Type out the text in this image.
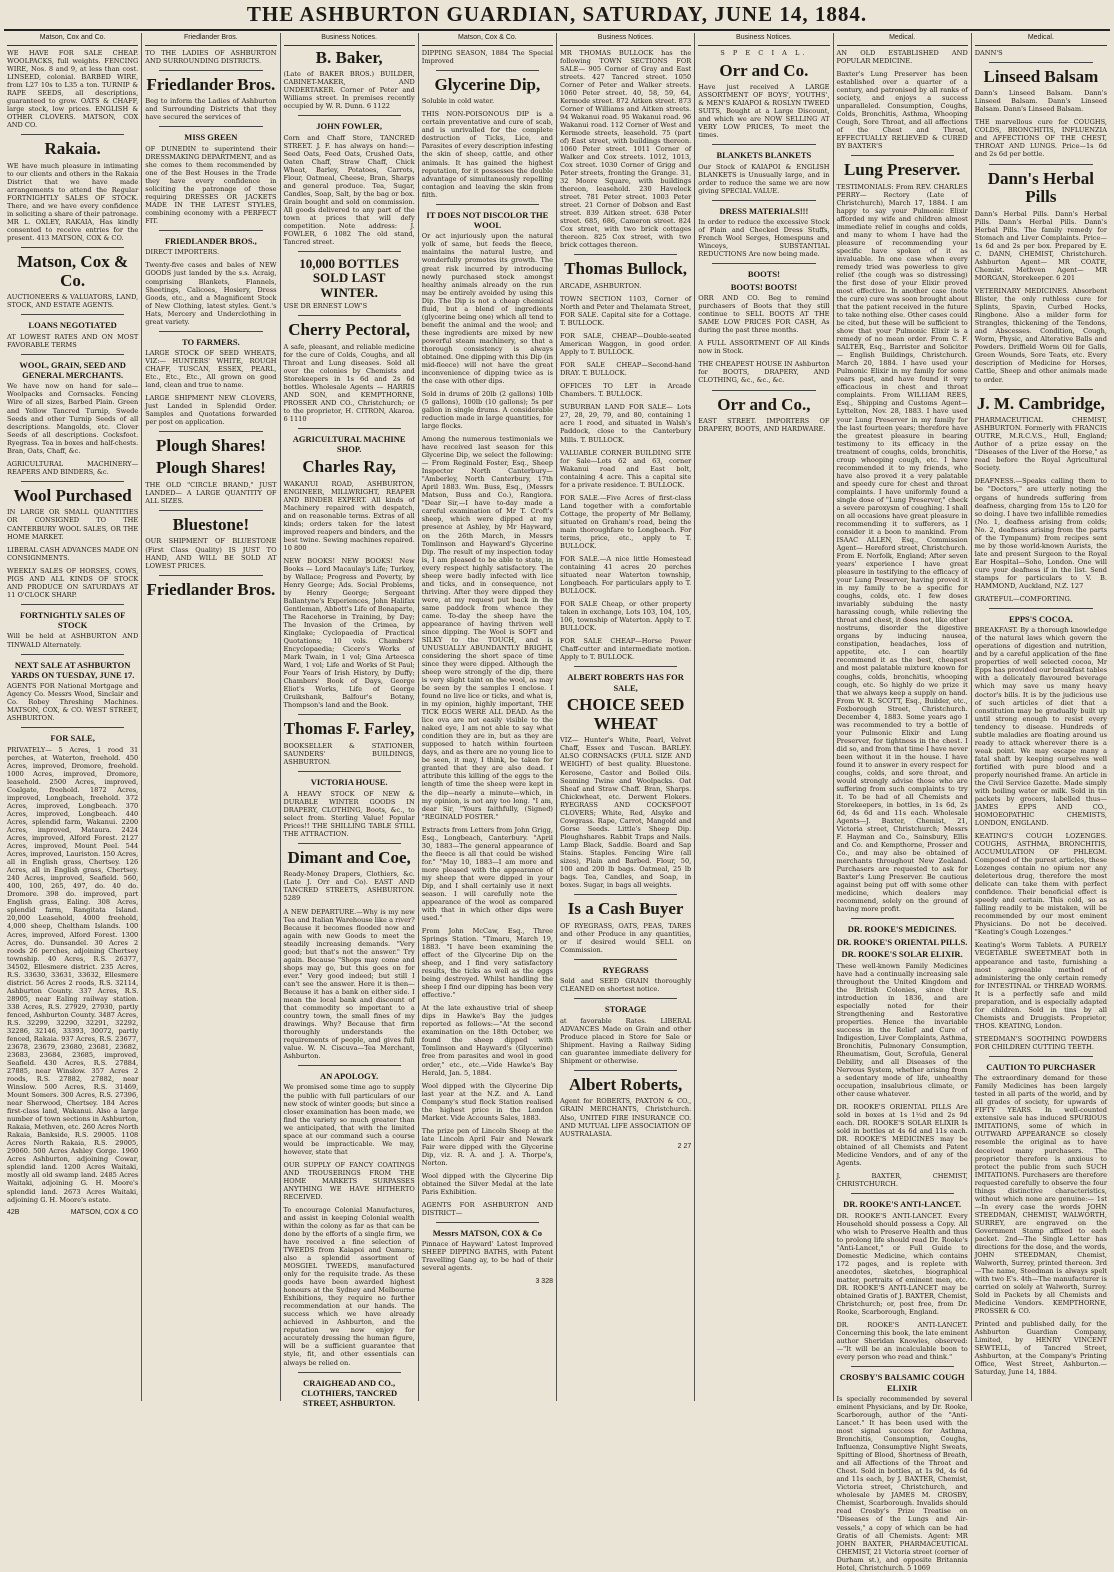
THE ASHBURTON GUARDIAN, SATURDAY, JUNE 14, 1884.
Matson, Cox and Co.
WE HAVE FOR SALE CHEAP. WOOLPACKS, full weights. FENCING WIRE, Nos. 8 and 9, at less than cost. LINSEED, colonial. BARBED WIRE, from L27 10s to L35 a ton. TURNIP & RAPE SEEDS, all descriptions, guaranteed to grow. OATS & CHAFF, large stock, low prices. ENGLISH & OTHER CLOVERS. MATSON, COX AND CO.
Rakaia.
WE have much pleasure in intimating to our clients and others in the Rakaia District that we have made arrangements to attend the Regular FORTNIGHTLY SALES OF STOCK. There, and we have every confidence in soliciting a share of their patronage. MR L. OXLEY, RAKAIA, Has kindly consented to receive entries for the present. 413 MATSON, COX & CO.
Matson, Cox & Co.
AUCTIONEERS & VALUATORS, LAND, STOCK, AND ESTATE AGENTS.
LOANS NEGOTIATED
AT LOWEST RATES AND ON MOST FAVORABLE TERMS
WOOL, GRAIN, SEED AND GENERAL MERCHANTS.
We have now on hand for sale— Woolpacks and Cornsacks. Fencing Wire of all sizes, Barbed Plain. Green and Yellow Tancred Turnip, Swede Seeds and other Turnip Seeds of all descriptions. Mangolds, etc. Clover Seeds of all descriptions. Cocksfoot. Ryegrass. Tea in boxes and half-chests. Bran, Oats, Chaff, &c.
AGRICULTURAL MACHINERY—REAPERS AND BINDERS, &c.
Wool Purchased
IN LARGE OR SMALL QUANTITIES OR CONSIGNED TO THE CANTERBURY WOOL SALES, OR THE HOME MARKET.
LIBERAL CASH ADVANCES MADE ON CONSIGNMENTS.
WEEKLY SALES OF HORSES, COWS, PIGS AND ALL KINDS OF STOCK AND PRODUCE ON SATURDAYS AT 11 O'CLOCK SHARP.
FORTNIGHTLY SALES OF STOCK
Will be held at ASHBURTON AND TINWALD Alternately.
NEXT SALE AT ASHBURTON YARDS ON TUESDAY, JUNE 17.
AGENTS FOR National Mortgage and Agency Co. Messrs Wood, Sinclair and Co. Robey Threshing Machines. MATSON, COX, & CO. WEST STREET, ASHBURTON.
FOR SALE,
PRIVATELY— 5 Acres, 1 rood 31 perches, at Waterton, freehold. 450 Acres, improved, Dromore, freehold. 1000 Acres, improved, Dromore, leasehold. 2500 Acres, improved, Coalgate, freehold. 1872 Acres, improved, Longbeach, freehold. 372 Acres, improved, Longbeach. 370 Acres, improved, Longbeach. 440 Acres, splendid farm, Wakanui. 2200 Acres, improved, Mataura. 2424 Acres, improved, Alford Forest. 2127 Acres, improved, Mount Peel. 544 Acres, improved, Lauriston. 150 Acres, all in English grass, Chertsey. 126 Acres, all in English grass, Chertsey. 240 Acres, improved, Seafield. 560, 400, 100, 265, 497, do. 40 do. Dromore. 398 do. improved, part English grass, Ealing. 308 Acres, splendid farm, Rangitata Island. 20,000 Leasehold, 4000 freehold, 4,000 sheep, Cheltham Islands. 100 Acres, improved, Alford Forest. 1300 Acres, do. Dunsandel. 30 Acres 2 roods 26 perches, adjoining Chertsey township. 40 Acres, R.S. 26377, 34502, Ellesmere district. 235 Acres, R.S. 33630, 33631, 33632, Ellesmere district. 56 Acres 2 roods, R.S. 32114, Ashburton County. 337 Acres, R.S. 28905, near Ealing railway station. 338 Acres, R.S. 27929, 27930, partly fenced, Ashburton County. 3487 Acres, R.S. 32299, 32290, 32291, 32292, 32286, 32146, 33393, 30072, partly fenced, Rakaia. 937 Acres, R.S. 23677, 23678, 23679, 23680, 23681, 23682, 23683, 23684, 23685, improved, Seafield. 430 Acres, R.S. 27884, 27885, near Winslow. 357 Acres 2 roods, R.S. 27882, 27882, near Winslow. 500 Acres, R.S. 31469, Mount Somers. 300 Acres, R.S. 27396, near Sherwood, Chertsey. 184 Acres first-class land, Wakanui. Also a large number of town sections in Ashburton, Rakaia, Methven, etc. 260 Acres North Rakaia, Bankside, R.S. 29005. 1108 Acres North Rakaia, R.S. 29005, 29060. 500 Acres Ashley Gorge. 1960 Acres Ashburton, adjoining Cowar, splendid land. 1200 Acres Waitaki, mostly all old swamp land. 2485 Acres Waitaki, adjoining G. H. Moore's splendid land. 2673 Acres Waitaki, adjoining G. H. Moore's estate.
42B	MATSON, COX & CO
Friedlander Bros.
TO THE LADIES OF ASHBURTON AND SURROUNDING DISTRICTS.
Friedlander Bros.
Beg to inform the Ladies of Ashburton and Surrounding Districts that they have secured the services of
MISS GREEN
OF DUNEDIN to superintend their DRESSMAKING DEPARTMENT, and as she comes to them recommended by one of the Best Houses in the Trade they have every confidence in soliciting the patronage of those requiring DRESSES OR JACKETS MADE IN THE LATEST STYLES, combining economy with a PERFECT FIT.
FRIEDLANDER BROS.,
DIRECT IMPORTERS.
Twenty-five cases and bales of NEW GOODS just landed by the s.s. Acraig, comprising Blankets, Flannels, Sheetings, Calicoes, Hosiery, Dress Goods, etc., and a Magnificent Stock of New Clothing, latest styles. Gent.'s Hats, Mercery and Underclothing in great variety.
TO FARMERS.
LARGE STOCK OF SEED WHEATS, VIZ:— HUNTERS' WHITE, ROUGH CHAFF, TUSCAN, ESSEX, PEARL, Etc., Etc., Etc., All grown on good land, clean and true to name.
LARGE SHIPMENT NEW CLOVERS, Just Landed in Splendid Order. Samples and Quotations forwarded per post on application.
Plough Shares!
Plough Shares!
THE OLD "CIRCLE BRAND," JUST LANDED— A LARGE QUANTITY OF ALL SIZES.
Bluestone!
OUR SHIPMENT OF BLUESTONE (First Class Quality) IS JUST TO HAND, AND WILL BE SOLD AT LOWEST PRICES.
Friedlander Bros.
Business Notices.
B. Baker,
(Late of BAKER BROS.) BUILDER, CABINET-MAKER, AND UNDERTAKER. Corner of Peter and Williams street. In premises recently occupied by W. R. Dunn. 6 1122
JOHN FOWLER,
Corn and Chaff Store, TANCRED STREET. J. F. has always on hand:— Seed Oats, Feed Oats, Crushed Oats, Oaten Chaff, Straw Chaff, Chick Wheat, Barley, Potatoes, Carrots, Flour, Oatmeal, Cheese, Bran, Sharps and general produce. Tea, Sugar, Candles, Soap, Salt, by the bag or box. Grain bought and sold on commission. All goods delivered to any part of the town at prices that will defy competition. Note address: J. FOWLER, 6 1082 The old stand, Tancred street.
10,000 BOTTLES SOLD LAST WINTER.
USE DR ERNEST LOW'S
Cherry Pectoral,
A safe, pleasant, and reliable medicine for the cure of Colds, Coughs, and all Throat and Lung diseases. Sold all over the colonies by Chemists and Storekeepers in 1s 6d and 2s 6d bottles. Wholesale Agents — HARRIS AND SON, and KEMPTHORNE, PROSSER AND CO., Christchurch; or to the proprietor, H. CITRON, Akaroa. 6 1110
AGRICULTURAL MACHINE SHOP.
Charles Ray,
WAKANUI ROAD, ASHBURTON, ENGINEER, MILLWRIGHT, REAPER AND BINDER EXPERT. All kinds of Machinery repaired with despatch, and on reasonable terms. Extras of all kinds; orders taken for the latest improved reapers and binders, and the best twine. Sewing machines repaired. 10 800
NEW BOOKS! NEW BOOKS! New Books — Lord Macaulay's Life; Turkey, by Wallace; Progress and Poverty, by Henry George; Ads. Social Problems, by Henry George; Sergeant Ballantyne's Experiences, John Halifax Gentleman, Abbott's Life of Bonaparte, The Racehorse in Training, by Day; The Invasion of the Crimea, by Kinglake; Cyclopaedia of Practical Quotations; 10 vols. Chambers' Encyclopaedia; Cicero's Works of Mark Twain, in 1 vol; Gina Arteesca Ward, 1 vol; Life and Works of St Paul; Four Years of Irish History, by Duffy; Chambers' Book of Days, George Eliot's Works, Life of George Cruikshank, Balfour's Botany, Thompson's land and the Book.
Thomas F. Farley,
BOOKSELLER & STATIONER, SAUNDERS' BUILDINGS, ASHBURTON.
VICTORIA HOUSE.
A HEAVY STOCK OF NEW & DURABLE WINTER GOODS IN DRAPERY, CLOTHING, Boots, &c., to select from. Sterling Value! Popular Prices!! THE SHILLING TABLE STILL THE ATTRACTION.
Dimant and Coe,
Ready-Money Drapers, Clothiers, &c. (Late J. Orr and Co). EAST AND TANCRED STREETS, ASHBURTON. 5289
A NEW DEPARTURE.—Why is my new Tea and Italian Warehouse like a river? Because it becomes flooded now and again with new Goods to meet the steadily increasing demands. "Very good; but that's not the answer." Try again. Because "Shops may come and shops may go, but this goes on for ever." Very good indeed; but still I can't see the answer. Here it is then—Because it has a bank on either side. I mean the local bank and discount of that commodity so important to a country town, the small fines of my drawings. Why? Because that firm thoroughly understands the requirements of people, and gives full value. W. N. Ciscuva—Tea Merchant, Ashburton.
AN APOLOGY.
We promised some time ago to supply the public with full particulars of our new stock of winter goods; but since a closer examination has been made, we find the variety so much greater than we anticipated, that with the limited space at our command such a course would be impracticable. We may, however, state that
OUR SUPPLY OF FANCY COATINGS AND TROUSERINGS FROM THE HOME MARKETS SURPASSES ANYTHING WE HAVE HITHERTO RECEIVED.
To encourage Colonial Manufactures, and assist in keeping Colonial wealth within the colony as far as that can be done by the efforts of a single firm, we have received a fine selection of TWEEDS from Kaiapoi and Oamaru; also a splendid assortment of MOSGIEL TWEEDS, manufactured only for the requisite trade. As these goods have been awarded highest honours at the Sydney and Melbourne Exhibitions, they require no further recommendation at our hands. The success which we have already achieved in Ashburton, and the reputation we now enjoy for accurately dressing the human figure, will be a sufficient guarantee that style, fit, and other essentials can always be relied on.
CRAIGHEAD AND CO., CLOTHIERS, TANCRED STREET, ASHBURTON.
Matson, Cox & Co.
DIPPING SEASON, 1884 The Special Improved
Glycerine Dip,
Soluble in cold water.
THIS NON-POISONOUS DIP is a certain preventative and cure of scab, and is unrivalled for the complete destruction of Ticks, Lice, and Parasites of every description infesting the skin of sheep, cattle, and other animals. It has gained the highest reputation, for it possesses the double advantage of simultaneously repelling contagion and leaving the skin from filth.
IT DOES NOT DISCOLOR THE WOOL
Or act injuriously upon the natural yolk of same, but feeds the fleece, maintains the natural lustre, and wonderfully promotes its growth. The great risk incurred by introducing newly purchased stock amongst healthy animals already on the run may be entirely avoided by using this Dip. The Dip is not a cheap chemical fluid, but a blend of ingredients (glycerine being one) which all tend to benefit the animal and the wool; and these ingredients are mixed by new powerful steam machinery, so that a thorough consistency is always obtained. One dipping with this Dip (in mid-fleece) will not have the great inconvenience of dipping twice as is the case with other dips.
Sold in drums of 20lb (2 gallons) 10lb (5 gallons), 100lb (10 gallons); 5s per gallon in single drums. A considerable reduction made in large quantities, for large flocks.
Among the numerous testimonials we have received last season for this Glycerine Dip, we select the following:— From Reginald Foster, Esq., Sheep Inspector North Canterbury— "Amberley, North Canterbury, 17th April 1883. Wm. Buss, Esq., (Messrs Matson, Buss and Co.), Rangiora. "Dear Sir,—I have to-day made a careful examination of Mr T. Croft's sheep, which were dipped at my presence at Ashley, by Mr Hayward, on the 26th March, in Messrs Tomlinson and Hayward's Glycerine Dip. The result of my inspection today is, I am pleased to be able to state, in every respect highly satisfactory. The sheep were badly infected with lice and ticks, and in consequence, not thriving. After they were dipped they were, at my request put back in the same paddock from whence they came. To-day the sheep have the appearance of having thriven well since dipping. The Wool is SOFT and SILKY to the TOUCH, and is UNUSUALLY ABUNDANTLY BRIGHT, considering the short space of time since they were dipped. Although the sheep were strongly of the dip, there is very slight taint on the wool, as may be seen by the samples I enclose. I found no live lice or ticks, and what is, in my opinion, highly important, THE TICK EGGS WERE ALL DEAD. As the lice ova are not easily visible to the naked eye, I am not able to say what condition they are in, but as they are supposed to hatch within fourteen days, and as there are no young lice to be seen, it may, I think, be taken for granted that they are also dead. I attribute this killing of the eggs to the length of time the sheep were kept in the dip—nearly a minute—which, in my opinion, is not any too long. "I am, dear Sir, "Yours faithfully, (Signed) "REGINALD FOSTER."
Extracts from Letters from John Grigg, Esq., Longbeach, Canterbury. "April 30, 1883—The general appearance of the fleece is all that could be wished for." "May 10, 1883—I am more and more pleased with the appearance of my sheep that were dipped in your Dip, and I shall certainly use it next season. I will carefully note the appearance of the wool as compared with that in which other dips were used."
From John McCaw, Esq., Three Springs Station. "Timaru, March 19, 1883. "I have been examining the effect of the Glycerine Dip on the sheep, and I find very satisfactory results, the ticks as well as the eggs being destroyed. Whilst handling the sheep I find our dipping has been very effective."
At the late exhaustive trial of sheep dips in Hawke's Bay the judges reported as follows:—"At the second examination on the 18th October, we found the sheep dipped with Tomlinson and Hayward's (Glycerine) free from parasites and wool in good order," etc., etc.—Vide Hawke's Bay Herald, Jan. 5, 1884.
Wool dipped with the Glycerine Dip last year at the N.Z. and A. Land Company's stud flock Station realised the highest price in the London Market. Vide Accounts Sales, 1883.
The prize pen of Lincoln Sheep at the late Lincoln April Fair and Newark Fair were dipped with the Glycerine Dip, viz. R. A. and J. A. Thorpe's, Norton.
Wool dipped with the Glycerine Dip obtained the Silver Medal at the late Paris Exhibition.
AGENTS FOR ASHBURTON AND DISTRICT—
Messrs MATSON, COX & Co
Pinnace of Hayward' Latest Improved SHEEP DIPPING BATHS, with Patent Travelling Gang ay, to be had of their several agents.
3 328
Business Notices.
MR THOMAS BULLOCK has the following TOWN SECTIONS FOR SALE— 905 Corner of Gray and East streets. 427 Tancred street. 1050 Corner of Peter and Walker streets. 1060 Peter street. 40, 58, 59, 64, Kermode street. 872 Aitken street. 873 Corner of Williams and Aitken streets. 94 Wakanui road. 95 Wakanui road. 96 Wakanui road. 112 Corner of West and Kermode streets, leasehold. 75 (part of) East street, with buildings thereon. 1060 Peter street. 1011 Corner of Walker and Cox streets. 1012, 1013, Cox street. 1030 Corner of Grigg and Peter streets, fronting the Grange. 31, 32 Moore Square, with buildings thereon, leasehold. 230 Havelock street. 781 Peter street. 1003 Peter street. 21 Corner of Dobson and East street. 839 Aitken street. 638 Peter street. 685, 686, Cameron street. 824 Cox street, with two brick cottages thereon. 825 Cox street, with two brick cottages thereon.
Thomas Bullock,
ARCADE, ASHBURTON.
TOWN SECTION 1103, Corner of North and Peter and Thelamata Street, FOR SALE. Capital site for a Cottage. T. BULLOCK.
FOR SALE, CHEAP—Double-seated American Waggon, in good order. Apply to T. BULLOCK.
FOR SALE CHEAP—Second-hand DRAY. T. BULLOCK.
OFFICES TO LET in Arcade Chambers. T. BULLOCK.
SUBURBAN LAND FOR SALE— Lots 27, 28, 29, 79, and 80, containing 1 acre 1 rood, and situated in Walsh's Paddock, close to the Canterbury Mills. T. BULLOCK.
VALUABLE CORNER BUILDING SITE for Sale—Lots 62 and 63, corner Wakanui road and East bolt, containing 4 acre. This a capital site for a private residence. T. BULLOCK.
FOR SALE.—Five Acres of first-class Land together with a comfortable Cottage, the property of Mr Bellamy, situated on Graham's road, being the main thoroughfare to Longbeach. For terms, price, etc., apply to T. BULLOCK.
FOR SALE.—A nice little Homestead containing 41 acres 20 perches situated near Waterton township, Longbeach. For particulars apply to T. BULLOCK.
FOR SALE Cheap, or other property taken in exchange, Lots 103, 104, 105, 106, township of Waterton. Apply to T. BULLOCK.
FOR SALE CHEAP—Horse Power Chaff-cutter and intermediate motion. Apply to T. BULLOCK.
ALBERT ROBERTS HAS FOR SALE,
CHOICE SEED WHEAT
VIZ— Hunter's White, Pearl, Velvet Chaff, Essex and Tuscan. BARLEY. ALSO CORNSACKS (FULL SIZE AND WEIGHT) of best quality. Bluestone. Kerosene, Castor and Boiled Oils. Seaming Twine and Woolpacks. Oat Sheaf and Straw Chaff. Bran, Sharps. Chickwheat, etc. Derwent Flokers. RYEGRASS AND COCKSFOOT CLOVERS; White, Red, Alsyke and Cowgrass. Rape, Carrot, Mangold and Gorse Seeds. Little's Sheep Dip. Ploughshares. Rabbit Traps and Nails. Lamp Black, Saddle. Board and Sap Stains. Staples. Fencing Wire (all sizes), Plain and Barbed. Flour, 50, 100 and 200 lb bags. Oatmeal, 25 lb bags. Tea, Candles, and Soap, in boxes. Sugar, in bags all weights.
Is a Cash Buyer
OF RYEGRASS, OATS, PEAS, TARES and other Produce in any quantities, or if desired would SELL on Commission.
RYEGRASS
Sold and SEED GRAIN thoroughly CLEANED on shortest notice.
STORAGE
at favorable Rates. LIBERAL ADVANCES Made on Grain and other Produce placed in Store for Sale or Shipment. Having a Railway Siding can guarantee immediate delivery for Shipment or otherwise.
Albert Roberts,
Agent for ROBERTS, PAXTON & CO., GRAIN MERCHANTS, Christchurch. Also, UNITED FIRE INSURANCE CO. AND MUTUAL LIFE ASSOCIATION OF AUSTRALASIA.
2 27
Business Notices.
S P E C I A L.
Orr and Co.
Have just received A LARGE ASSORTMENT OF BOYS', YOUTHS', & MEN'S KAIAPOI & ROSLYN TWEED SUITS, Bought at a Large Discount, and which we are NOW SELLING AT VERY LOW PRICES, To meet the times.
BLANKETS BLANKETS
Our Stock of KAIAPOI & ENGLISH BLANKETS is Unusually large, and in order to reduce the same we are now giving SPECIAL VALUE.
DRESS MATERIALS!!!
In order to reduce the excessive Stock of Plain and Checked Dress Stuffs, French Wool Serges, Homespuns and Winceys, SUBSTANTIAL REDUCTIONS Are now being made.
BOOTS!
BOOTS! BOOTS!
ORR AND CO. Beg to remind purchasers of Boots that they still continue to SELL BOOTS AT THE SAME LOW PRICES FOR CASH, As during the past three months.
A FULL ASSORTMENT OF All Kinds now in Stock.
THE CHEAPEST HOUSE IN Ashburton for BOOTS, DRAPERY, AND CLOTHING, &c., &c., &c.
Orr and Co.,
EAST STREET. IMPORTERS OF DRAPERY, BOOTS, AND HARDWARE.
Medical.
AN OLD ESTABLISHED AND POPULAR MEDICINE.
Baxter's Lung Preserver has been established over a quarter of a century, and patronised by all ranks of society, and enjoys a success unparalleled. Consumption, Coughs, Colds, Bronchitis, Asthma, Whooping Cough, Sore Throat, and all affections of the Chest and Throat, EFFECTUALLY RELIEVED & CURED BY BAXTER'S
Lung Preserver.
TESTIMONIALS: From REV. CHARLES PERRY— Rectory (Late of Christchurch), March 17, 1884. I am happy to say your Pulmonic Elixir afforded my wife and children almost immediate relief in coughs and colds, and many to whom I have had the pleasure of recommending your specific have spoken of it as invaluable. In one case when every remedy tried was powerless to give relief (the cough was so distressing) the first dose of your Elixir proved most effective. In another case (note the cure) cure was soon brought about that the patient received in the future to take nothing else. Other cases could be cited, but these will be sufficient to show that your Pulmonic Elixir is a remedy of no mean order. From C. F. SALTER, Esq., Barrister and Solicitor— English Buildings, Christchurch. March 20, 1884. I have used your Pulmonic Elixir in my family for some years past, and have found it very efficacious in chest and throat complaints. From WILLIAM REES, Esq., Shipping and Customs Agent— Lyttelton, Nov. 28, 1883. I have used your Lung Preserver in my family for the last fourteen years; therefore have the greatest pleasure in bearing testimony to its efficacy in the treatment of coughs, colds, bronchitis, croup whooping cough, etc. I have recommended it to my friends, who have also proved it a very palatable and speedy cure for chest and throat complaints. I have uniformly found a single dose of "Lung Preserver," check a severe paroxysm of coughing. I shall on all occasions have great pleasure in recommending it to sufferers, as I consider it a boon to mankind. From ISAAC ALLEN, Esq., Commission Agent— Hereford street, Christchurch. From E. Norfolk, England; After seven years' experience I have great pleasure in testifying to the efficacy of your Lung Preserver, having proved it in my family to be a specific for coughs, colds, etc. I few doses invariably subduing the nasty harassing cough, while relieving the throat and chest, it does not, like other nostrums, disorder the digestive organs by inducing nausea, constipation, headaches, loss of appetite, etc. I can heartily recommend it as the best, cheapest and most palatable mixture known for coughs, colds, bronchitis, whooping cough, etc. So highly do we prize it that we always keep a supply on hand. From W. R. SCOTT, Esq., Builder, etc., Foxborough Street, Christchurch. December 4, 1883. Some years ago I was recommended to try a bottle of your Pulmonic Elixir and Lung Preserver, for tightness in the chest. I did so, and from that time I have never been without it in the house. I have found it to answer in every respect for coughs, colds, and sore throat, and would strongly advise those who are suffering from such complaints to try it. To be had of all Chemists and Storekeepers, in bottles, in 1s 6d, 2s 6d, 4s 6d and 11s each. Wholesale Agents—J. Baxter, Chemist, 21, Victoria street, Christchurch; Messrs F. Hayman and Co., Sainsbury, Ellis and Co. and Kempthorne, Prosser and Co., and may also be obtained of merchants throughout New Zealand. Purchasers are requested to ask for Baxter's Lung Preserver. Be cautious against being put off with some other medicine, which dealers may recommend, solely on the ground of having more profit.
DR. ROOKE'S MEDICINES.
DR. ROOKE'S ORIENTAL PILLS.
DR. ROOKE'S SOLAR ELIXIR.
These well-known Family Medicines have had a continually increasing sale throughout the United Kingdom and the British Colonies, since their introduction in 1836, and are especially noted for their Strengthening and Restorative properties. Hence the invariable success in the Relief and Cure of Indigestion, Liver Complaints, Asthma, Bronchitis, Pulmonary Consumption, Rheumatism, Gout, Scrofula, General Debility, and all Diseases of the Nervous System, whether arising from a sedentary mode of life, unhealthy occupation, insalubrious climate, or other cause whatever.
DR. ROOKE'S ORIENTAL PILLS Are sold in boxes at 1s 1½d and 2s 9d each. DR. ROOKE'S SOLAR ELIXIR Is sold in bottles at 4s 6d and 11s each. DR. ROOKE'S MEDICINES may be obtained of all Chemists and Patent Medicine Vendors, and of any of the Agents.
J. BAXTER, CHEMIST, CHRISTCHURCH.
DR. ROOKE'S ANTI-LANCET.
DR. ROOKE'S ANTI-LANCET. Every Household should possess a Copy. All who wish to Preserve Health and thus to prolong life should read Dr. Rooke's "Anti-Lancet," or Full Guide to Domestic Medicine, which contains 172 pages, and is replete with anecdotes, sketches, biographical matter, portraits of eminent men, etc. DR. ROOKE'S ANTI-LANCET may be obtained Gratis of J. BAXTER, Chemist, Christchurch; or, post free, from Dr. Rooke, Scarborough, England.
DR. ROOKE'S ANTI-LANCET. Concerning this book, the late eminent author Sheridan Knowles, observed:—"It will be an incalculable boon to every person who read and think."
CROSBY'S BALSAMIC COUGH ELIXIR
Is specially recommended by several eminent Physicians, and by Dr. Rooke, Scarborough, author of the "Anti-Lancet." It has been used with the most signal success for Asthma, Bronchitis, Consumption, Coughs, Influenza, Consumptive Night Sweats, Spitting of Blood, Shortness of Breath, and all Affections of the Throat and Chest. Sold in bottles, at 1s 9d, 4s 6d and 11s each, by J. BAXTER, Chemist, Victoria street, Christchurch, and wholesale by JAMES M. CROSBY, Chemist, Scarborough. Invalids should read Crosby's Prize Treatise on "Diseases of the Lungs and Air-vessels," a copy of which can be had Gratis of all Chemists. Agent: MR JOHN BAXTER, PHARMACEUTICAL CHEMIST, 21 Victoria street (corner of Durham st.), and opposite Britannia Hotel, Christchurch. 5 1069
Medical.
DANN'S
Linseed Balsam
Dann's Linseed Balsam. Dann's Linseed Balsam. Dann's Linseed Balsam. Dann's Linseed Balsam.
THE marvellous cure for COUGHS, COLDS, BRONCHITIS, INFLUENZIA and AFFECTIONS OF THE CHEST, THROAT AND LUNGS. Price—1s 6d and 2s 6d per bottle.
Dann's Herbal Pills
Dann's Herbal Pills. Dann's Herbal Pills. Dann's Herbal Pills. Dann's Herbal Pills. The family remedy for Stomach and Liver Complaints. Price—1s 6d and 2s per box. Prepared by E. C. DANN, CHEMIST, Christchurch. Ashburton Agent— MR COATE, Chemist. Methven Agent— MR MORGAN, Storekeeper. 6 201
VETERINARY MEDICINES. Absorbent Blister, the only ruthless cure for Splints, Spavin, Curbed Hocks, Ringbone. Also a milder form for Strangles, thickening of the Tendons, and Abscesses. Condition, Cough, Worm, Physic, and Alterative Balls and Powders. Driffield Worm Oil for Galls, Green Wounds, Sore Teats, etc. Every description of Medicine for Horses, Cattle, Sheep and other animals made to order.
J. M. Cambridge,
PHARMACEUTICAL CHEMIST, ASHBURTON. Formerly with FRANCIS OUTRE, M.R.C.V.S., Hull, England; Author of a prize essay on the "Diseases of the Liver of the Horse," as read before the Royal Agricultural Society.
DEAFNESS.—Speaks calling them to be "Doctors," are utterly noting the organs of hundreds suffering from deafness, charging from 15s to L20 for so doing. I have two infallible remedies (No. 1, deafness arising from colds; No. 2, deafness arising from the parts of the Tympanum) from recipes sent me by those world-known Aurists, the late and present Surgeon to the Royal Ear Hospital—Soho, London. One will cure your deafness if in the list. Send stamps for particulars to V. B. HAMMOND, Auckland, N.Z. 127
GRATEFUL—COMFORTING.
EPPS'S COCOA.
BREAKFAST. By a thorough knowledge of the natural laws which govern the operations of digestion and nutrition, and by a careful application of the fine properties of well selected cocoa, Mr Epps has provided our breakfast tables with a delicately flavoured beverage which may save us many heavy doctor's bills. It is by the judicious use of such articles of diet that a constitution may be gradually built up until strong enough to resist every tendency to disease. Hundreds of subtle maladies are floating around us ready to attack wherever there is a weak point. We may escape many a fatal shaft by keeping ourselves well fortified with pure blood and a properly nourished frame. An article in the Civil Service Gazette. Made simply with boiling water or milk. Sold in tin packets by grocers, labelled thus— JAMES EPPS AND CO., HOMOEOPATHIC CHEMISTS, LONDON, ENGLAND.
KEATING'S COUGH LOZENGES. COUGHS, ASTHMA, BRONCHITIS, ACCUMULATION OF PHLEGM. Composed of the purest articles, these Lozenges contain no opium nor any deleterious drug, therefore the most delicate can take them with perfect confidence. Their beneficial effect is speedy and certain. This cold, so as falling readily to be mistaken, will be recommended by our most eminent Physicians. Do not be deceived. "Keating's Cough Lozenges."
Keating's Worm Tablets. A PURELY VEGETABLE SWEETMEAT both in appearance and taste, furnishing a most agreeable method of administering the only certain remedy for INTESTINAL or THREAD WORMS. It is a perfectly safe and mild preparation, and is especially adapted for children. Sold in tins by all Chemists and Druggists. Proprietor, THOS. KEATING, London.
STEEDMAN'S SOOTHING POWDERS FOR CHILDREN CUTTING TEETH.
CAUTION TO PURCHASER
The extraordinary demand for these Family Medicines has been largely tested in all parts of the world, and by all grades of society, for upwards of FIFTY YEARS. In well-counted extensive sale has induced SPURIOUS IMITATIONS, some of which in OUTWARD APPEARANCE so closely resemble the original as to have deceived many purchasers. The proprietor therefore is anxious to protect the public from such SUCH IMITATIONS. Purchasers are therefore requested carefully to observe the four things distinctive characteristics, without which none are genuine:— 1st—In every case the words JOHN STEEDMAN, CHEMIST, WALWORTH, SURREY, are engraved on the Government Stamp affixed to each packet. 2nd—The Single Letter has directions for the dose, and the words, JOHN STEEDMAN, Chemist, Walworth, Surrey, printed thereon. 3rd—The name, Steedman is always spelt with two E's. 4th—The manufacturer is carried on solely at Walworth, Surrey. Sold in Packets by all Chemists and Medicine Vendors. KEMPTHORNE, PROSSER & CO.
Printed and published daily, for the Ashburton Guardian Company, Limited, by HENRY VINCENT SEWTELL, of Tancred Street, Ashburton, at the Company's Printing Office, West Street, Ashburton.—Saturday, June 14, 1884.
